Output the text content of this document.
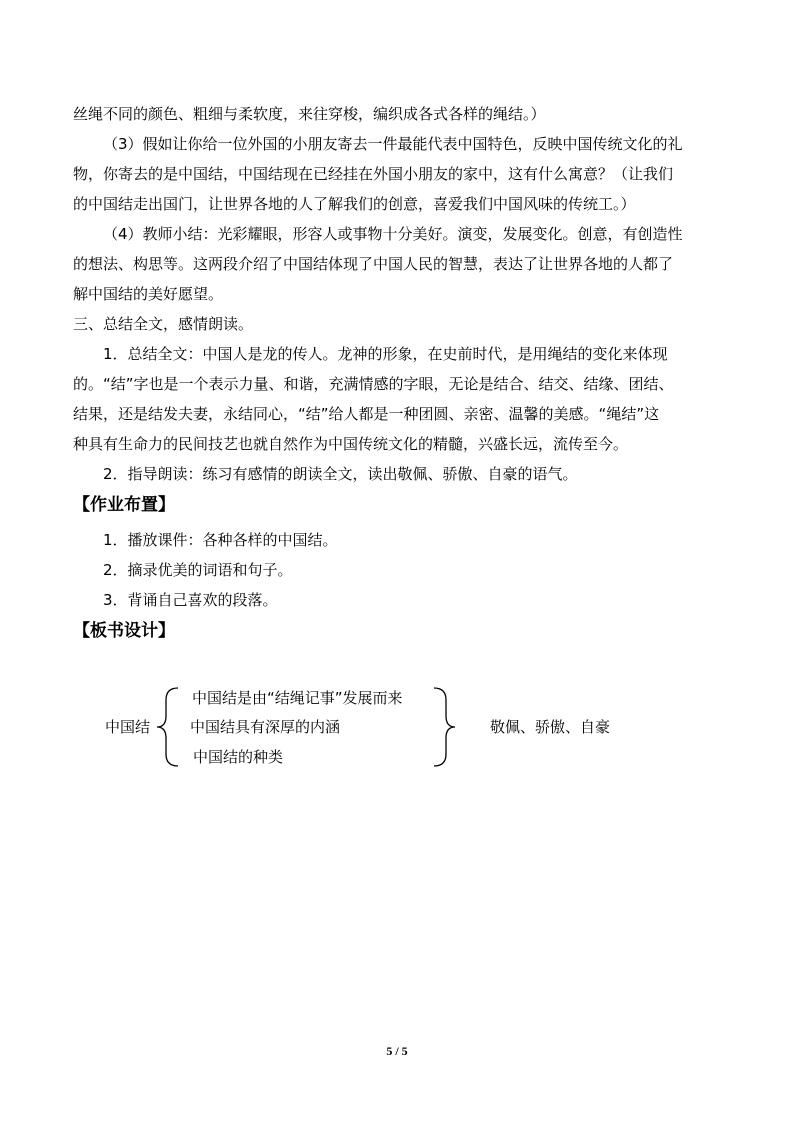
丝绳不同的颜色、粗细与柔软度，来往穿梭，编织成各式各样的绳结。）
（3）假如让你给一位外国的小朋友寄去一件最能代表中国特色，反映中国传统文化的礼
物，你寄去的是中国结，中国结现在已经挂在外国小朋友的家中，这有什么寓意？（让我们
的中国结走出国门，让世界各地的人了解我们的创意，喜爱我们中国风味的传统工。）
（4）教师小结：光彩耀眼，形容人或事物十分美好。演变，发展变化。创意，有创造性
的想法、构思等。这两段介绍了中国结体现了中国人民的智慧，表达了让世界各地的人都了
解中国结的美好愿望。
三、总结全文，感情朗读。
1．总结全文：中国人是龙的传人。龙神的形象，在史前时代，是用绳结的变化来体现
的。“结”字也是一个表示力量、和谐，充满情感的字眼，无论是结合、结交、结缘、团结、
结果，还是结发夫妻，永结同心，“结”给人都是一种团圆、亲密、温馨的美感。“绳结”这
种具有生命力的民间技艺也就自然作为中国传统文化的精髓，兴盛长远，流传至今。
2．指导朗读：练习有感情的朗读全文，读出敬佩、骄傲、自豪的语气。
【作业布置】
1．播放课件：各种各样的中国结。
2．摘录优美的词语和句子。
3．背诵自己喜欢的段落。
【板书设计】
中国结
中国结是由“结绳记事”发展而来
中国结具有深厚的内涵
中国结的种类
敬佩、骄傲、自豪
5 / 5
